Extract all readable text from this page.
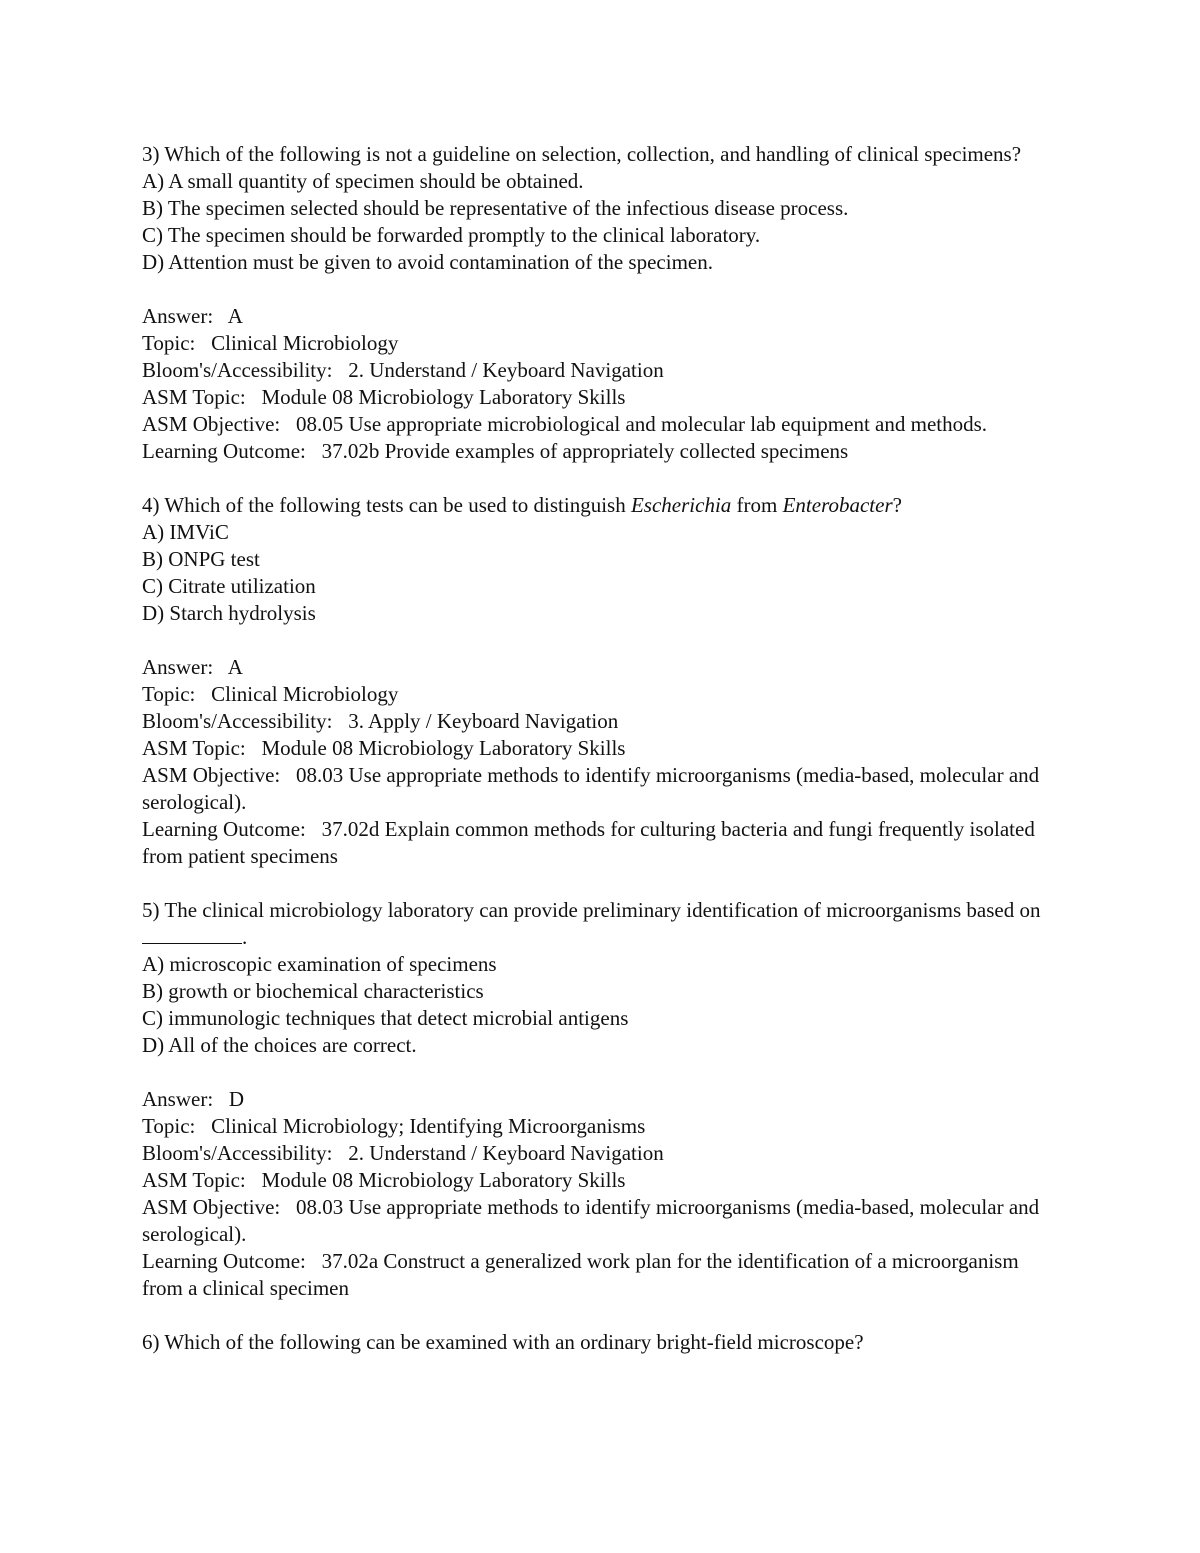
3) Which of the following is not a guideline on selection, collection, and handling of clinical specimens?

A) A small quantity of specimen should be obtained.

B) The specimen selected should be representative of the infectious disease process.

C) The specimen should be forwarded promptly to the clinical laboratory.

D) Attention must be given to avoid contamination of the specimen.

Answer:   A

Topic:   Clinical Microbiology

Bloom's/Accessibility:   2. Understand / Keyboard Navigation

ASM Topic:   Module 08 Microbiology Laboratory Skills

ASM Objective:   08.05 Use appropriate microbiological and molecular lab equipment and methods.

Learning Outcome:   37.02b Provide examples of appropriately collected specimens

4) Which of the following tests can be used to distinguish Escherichia from Enterobacter?

A) IMViC

B) ONPG test

C) Citrate utilization

D) Starch hydrolysis

Answer:   A

Topic:   Clinical Microbiology

Bloom's/Accessibility:   3. Apply / Keyboard Navigation

ASM Topic:   Module 08 Microbiology Laboratory Skills

ASM Objective:   08.03 Use appropriate methods to identify microorganisms (media-based, molecular and serological).

Learning Outcome:   37.02d Explain common methods for culturing bacteria and fungi frequently isolated from patient specimens

5) The clinical microbiology laboratory can provide preliminary identification of microorganisms based on.

A) microscopic examination of specimens

B) growth or biochemical characteristics

C) immunologic techniques that detect microbial antigens

D) All of the choices are correct.

Answer:   D

Topic:   Clinical Microbiology; Identifying Microorganisms

Bloom's/Accessibility:   2. Understand / Keyboard Navigation

ASM Topic:   Module 08 Microbiology Laboratory Skills

ASM Objective:   08.03 Use appropriate methods to identify microorganisms (media-based, molecular and serological).

Learning Outcome:   37.02a Construct a generalized work plan for the identification of a microorganism from a clinical specimen

6) Which of the following can be examined with an ordinary bright-field microscope?
